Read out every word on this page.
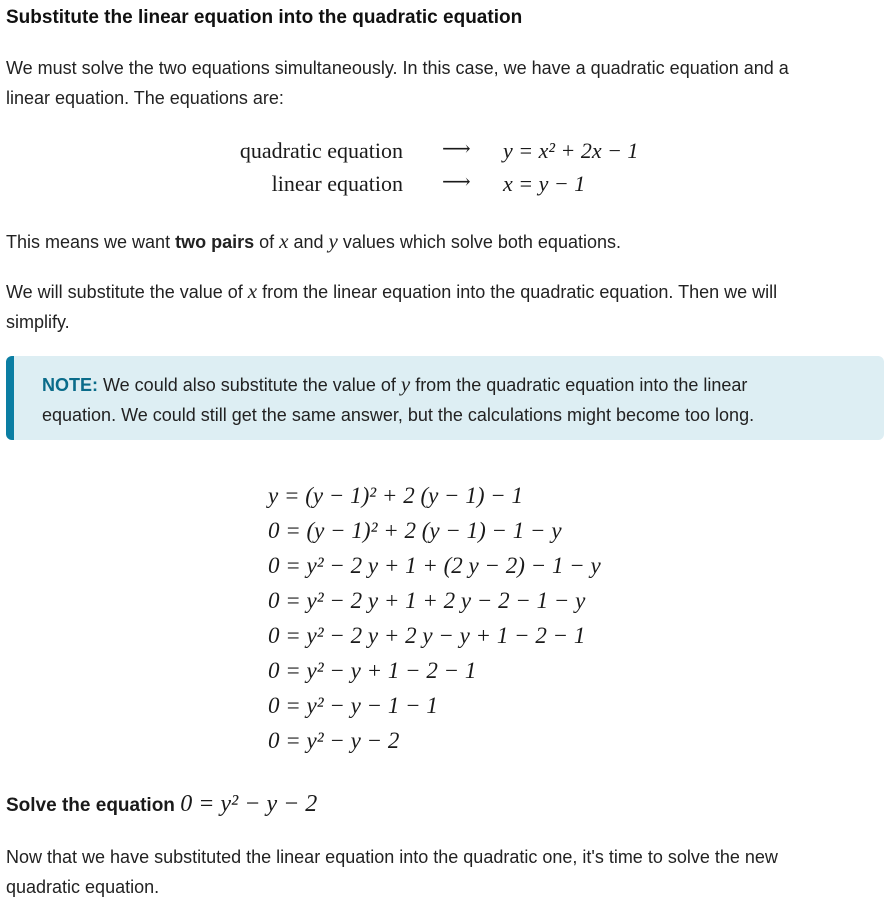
Substitute the linear equation into the quadratic equation

We must solve the two equations simultaneously. In this case, we have a quadratic equation and a

linear equation. The equations are:

quadratic equation ⟶ y = x² + 2x − 1
linear equation ⟶ x = y − 1

This means we want two pairs of x and y values which solve both equations.

We will substitute the value of x from the linear equation into the quadratic equation. Then we will

simplify.

NOTE: We could also substitute the value of y from the quadratic equation into the linear
equation. We could still get the same answer, but the calculations might become too long.
y = (y − 1)² + 2 (y − 1) − 1
0 = (y − 1)² + 2 (y − 1) − 1 − y
0 = y² − 2 y + 1 + (2 y − 2) − 1 − y
0 = y² − 2 y + 1 + 2 y − 2 − 1 − y
0 = y² − 2 y + 2 y − y + 1 − 2 − 1
0 = y² − y + 1 − 2 − 1
0 = y² − y − 1 − 1
0 = y² − y − 2
Solve the equation 0 = y² − y − 2

Now that we have substituted the linear equation into the quadratic one, it's time to solve the new

quadratic equation.
